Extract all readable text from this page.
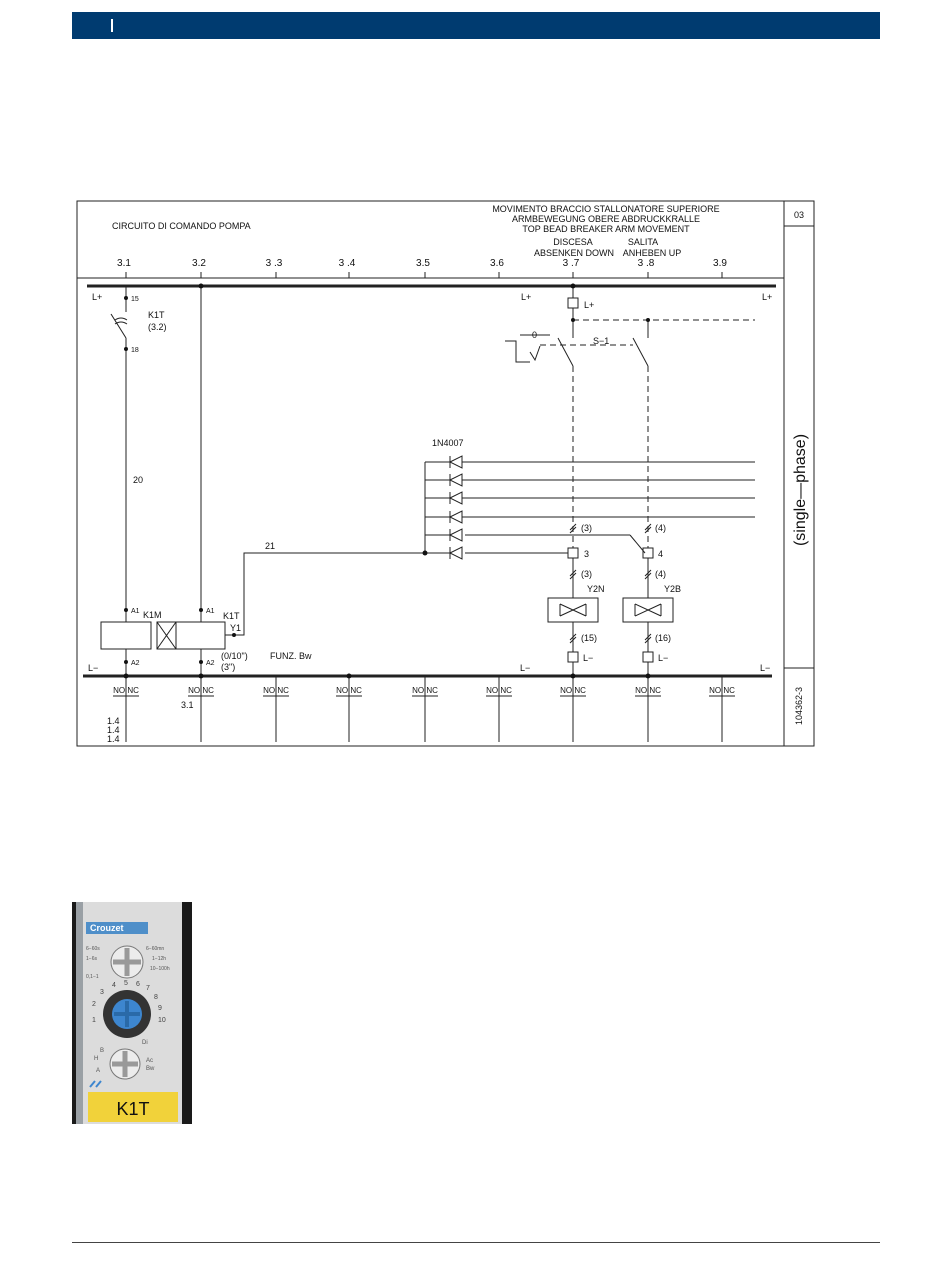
CIRCUITO DI COMANDO POMPA
MOVIMENTO BRACCIO STALLONATORE SUPERIORE
ARMBEWEGUNG OBERE ABDRUCKKRALLE
TOP BEAD BREAKER ARM MOVEMENT
DISCESA	SALITA
ABSENKEN DOWN ANHEBEN UP
03
3.1	3.2	3 .3	3 .4	3.5	3.6	3 .7	3 .8	3.9
L+	L+	L+
L+
L−	L−	L−
L−	L−
K1T
(3.2)
15
18
20
21
K1M
A1	A1
A2	A2
K1T
Y1
(0/10")
(3")
FUNZ. Bw
1N4007
S−1
0
3	4
(3)	(4)
(3)	(4)
(15)	(16)
Y2N	Y2B
3.1
1.4
1.4
1.4
NO NC	NO NC	NO NC	NO NC	NO NC	NO NC	NO NC	NO NC	NO NC
(single—phase)
104362-3
Crouzet
6−60s
1−6s
0,1−1
6−60mn
1−12h
10−100h
1
2
3
4 5 6
7
8
9
10
B
H
A
Di
Ac
Bw
K1T
